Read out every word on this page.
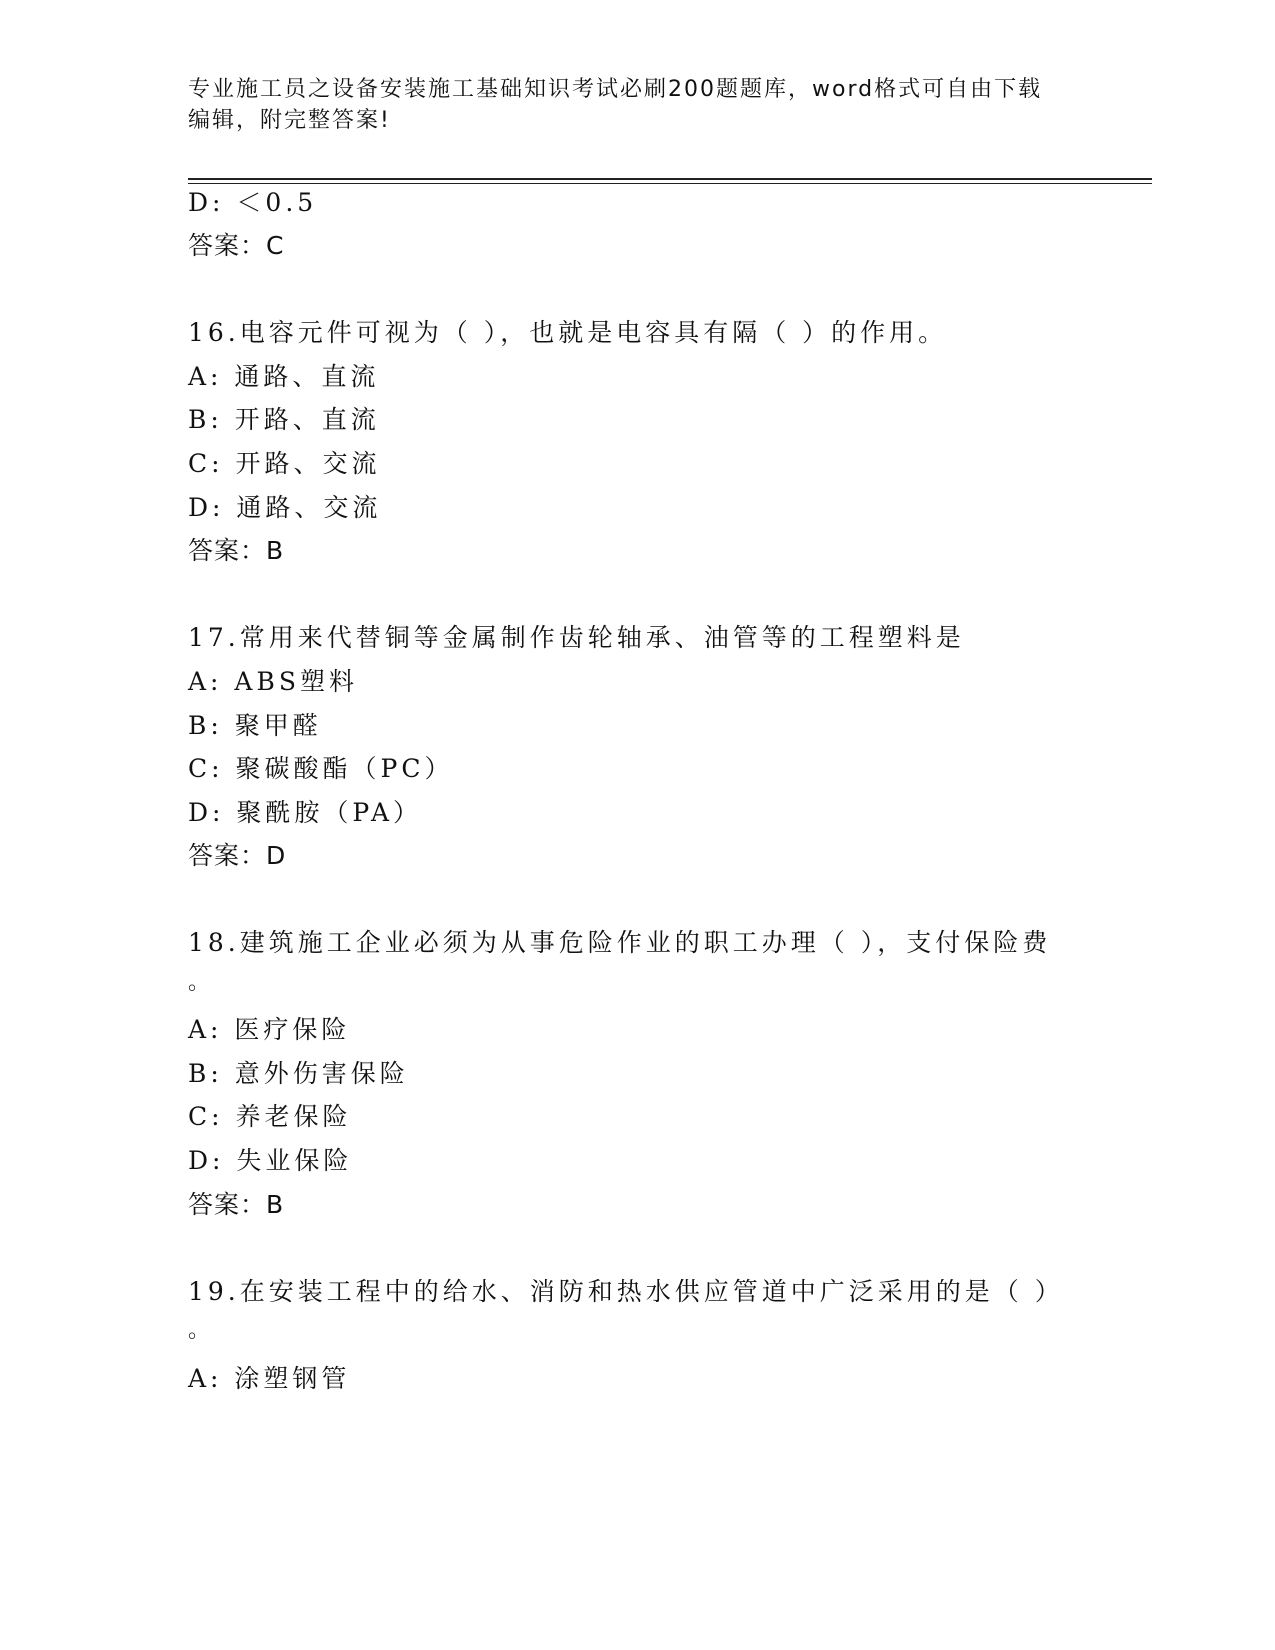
专业施工员之设备安装施工基础知识考试必刷200题题库，word格式可自由下载
编辑，附完整答案!
D: ＜0.5
答案：C
16.电容元件可视为（ ），也就是电容具有隔（ ）的作用。
A: 通路、直流
B: 开路、直流
C: 开路、交流
D: 通路、交流
答案：B
17.常用来代替铜等金属制作齿轮轴承、油管等的工程塑料是
A: ABS塑料
B: 聚甲醛
C: 聚碳酸酯（PC）
D: 聚酰胺（PA）
答案：D
18.建筑施工企业必须为从事危险作业的职工办理（ ），支付保险费
。
A: 医疗保险
B: 意外伤害保险
C: 养老保险
D: 失业保险
答案：B
19.在安装工程中的给水、消防和热水供应管道中广泛采用的是（ ）
。
A: 涂塑钢管
